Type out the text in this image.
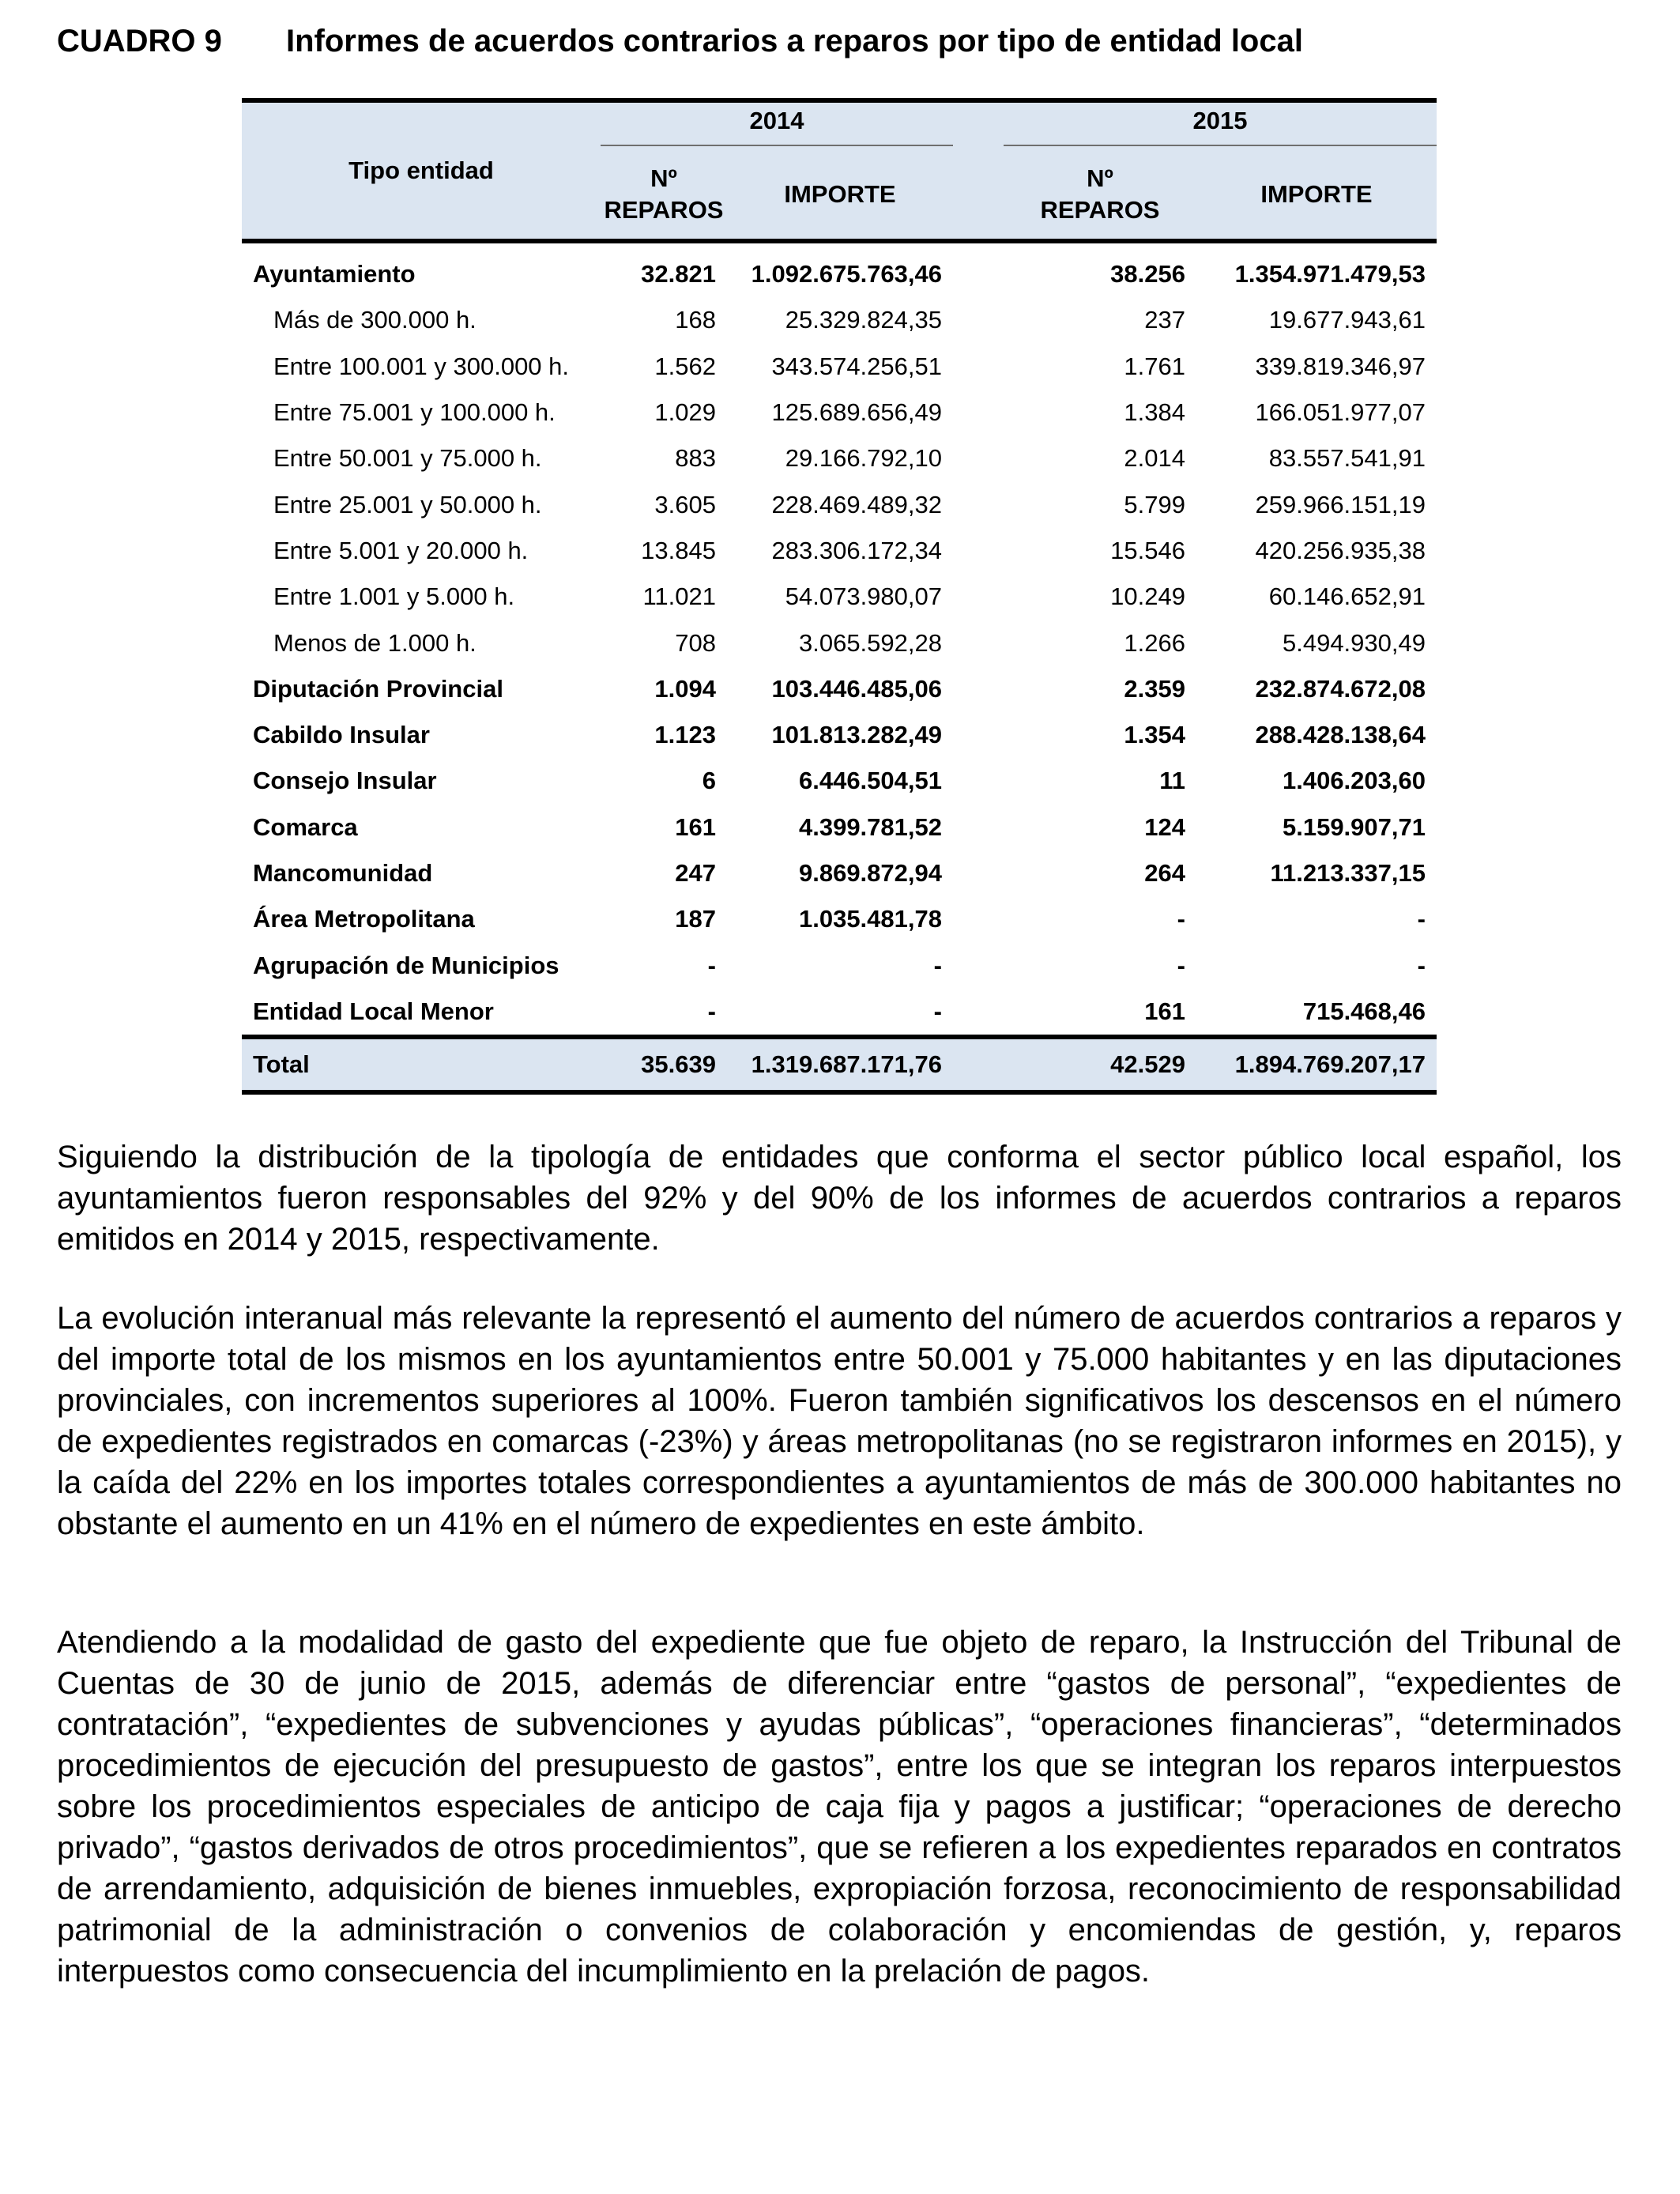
CUADRO 9 Informes de acuerdos contrarios a reparos por tipo de entidad local
Tipo entidad	2014			2015	

	Nº
REPAROS	IMPORTE		Nº
REPAROS	IMPORTE
Ayuntamiento	32.821	1.092.675.763,46		38.256	1.354.971.479,53
Más de 300.000 h.	168	25.329.824,35		237	19.677.943,61
Entre 100.001 y 300.000 h.	1.562	343.574.256,51		1.761	339.819.346,97
Entre 75.001 y 100.000 h.	1.029	125.689.656,49		1.384	166.051.977,07
Entre 50.001 y 75.000 h.	883	29.166.792,10		2.014	83.557.541,91
Entre 25.001 y 50.000 h.	3.605	228.469.489,32		5.799	259.966.151,19
Entre 5.001 y 20.000 h.	13.845	283.306.172,34		15.546	420.256.935,38
Entre 1.001 y 5.000 h.	11.021	54.073.980,07		10.249	60.146.652,91
Menos de 1.000 h.	708	3.065.592,28		1.266	5.494.930,49
Diputación Provincial	1.094	103.446.485,06		2.359	232.874.672,08
Cabildo Insular	1.123	101.813.282,49		1.354	288.428.138,64
Consejo Insular	6	6.446.504,51		11	1.406.203,60
Comarca	161	4.399.781,52		124	5.159.907,71
Mancomunidad	247	9.869.872,94		264	11.213.337,15
Área Metropolitana	187	1.035.481,78		-	-
Agrupación de Municipios	-	-		-	-
Entidad Local Menor	-	-		161	715.468,46
Total	35.639	1.319.687.171,76		42.529	1.894.769.207,17

Siguiendo la distribución de la tipología de entidades que conforma el sector público local español, los ayuntamientos fueron responsables del 92% y del 90% de los informes de acuerdos contrarios a reparos emitidos en 2014 y 2015, respectivamente.

La evolución interanual más relevante la representó el aumento del número de acuerdos contrarios a reparos y del importe total de los mismos en los ayuntamientos entre 50.001 y 75.000 habitantes y en las diputaciones provinciales, con incrementos superiores al 100%. Fueron también significativos los descensos en el número de expedientes registrados en comarcas (-23%) y áreas metropolitanas (no se registraron informes en 2015), y la caída del 22% en los importes totales correspondientes a ayuntamientos de más de 300.000 habitantes no obstante el aumento en un 41% en el número de expedientes en este ámbito.

Atendiendo a la modalidad de gasto del expediente que fue objeto de reparo, la Instrucción del Tribunal de Cuentas de 30 de junio de 2015, además de diferenciar entre “gastos de personal”, “expedientes de contratación”, “expedientes de subvenciones y ayudas públicas”, “operaciones financieras”, “determinados procedimientos de ejecución del presupuesto de gastos”, entre los que se integran los reparos interpuestos sobre los procedimientos especiales de anticipo de caja fija y pagos a justificar; “operaciones de derecho privado”, “gastos derivados de otros procedimientos”, que se refieren a los expedientes reparados en contratos de arrendamiento, adquisición de bienes inmuebles, expropiación forzosa, reconocimiento de responsabilidad patrimonial de la administración o convenios de colaboración y encomiendas de gestión, y, reparos interpuestos como consecuencia del incumplimiento en la prelación de pagos.
